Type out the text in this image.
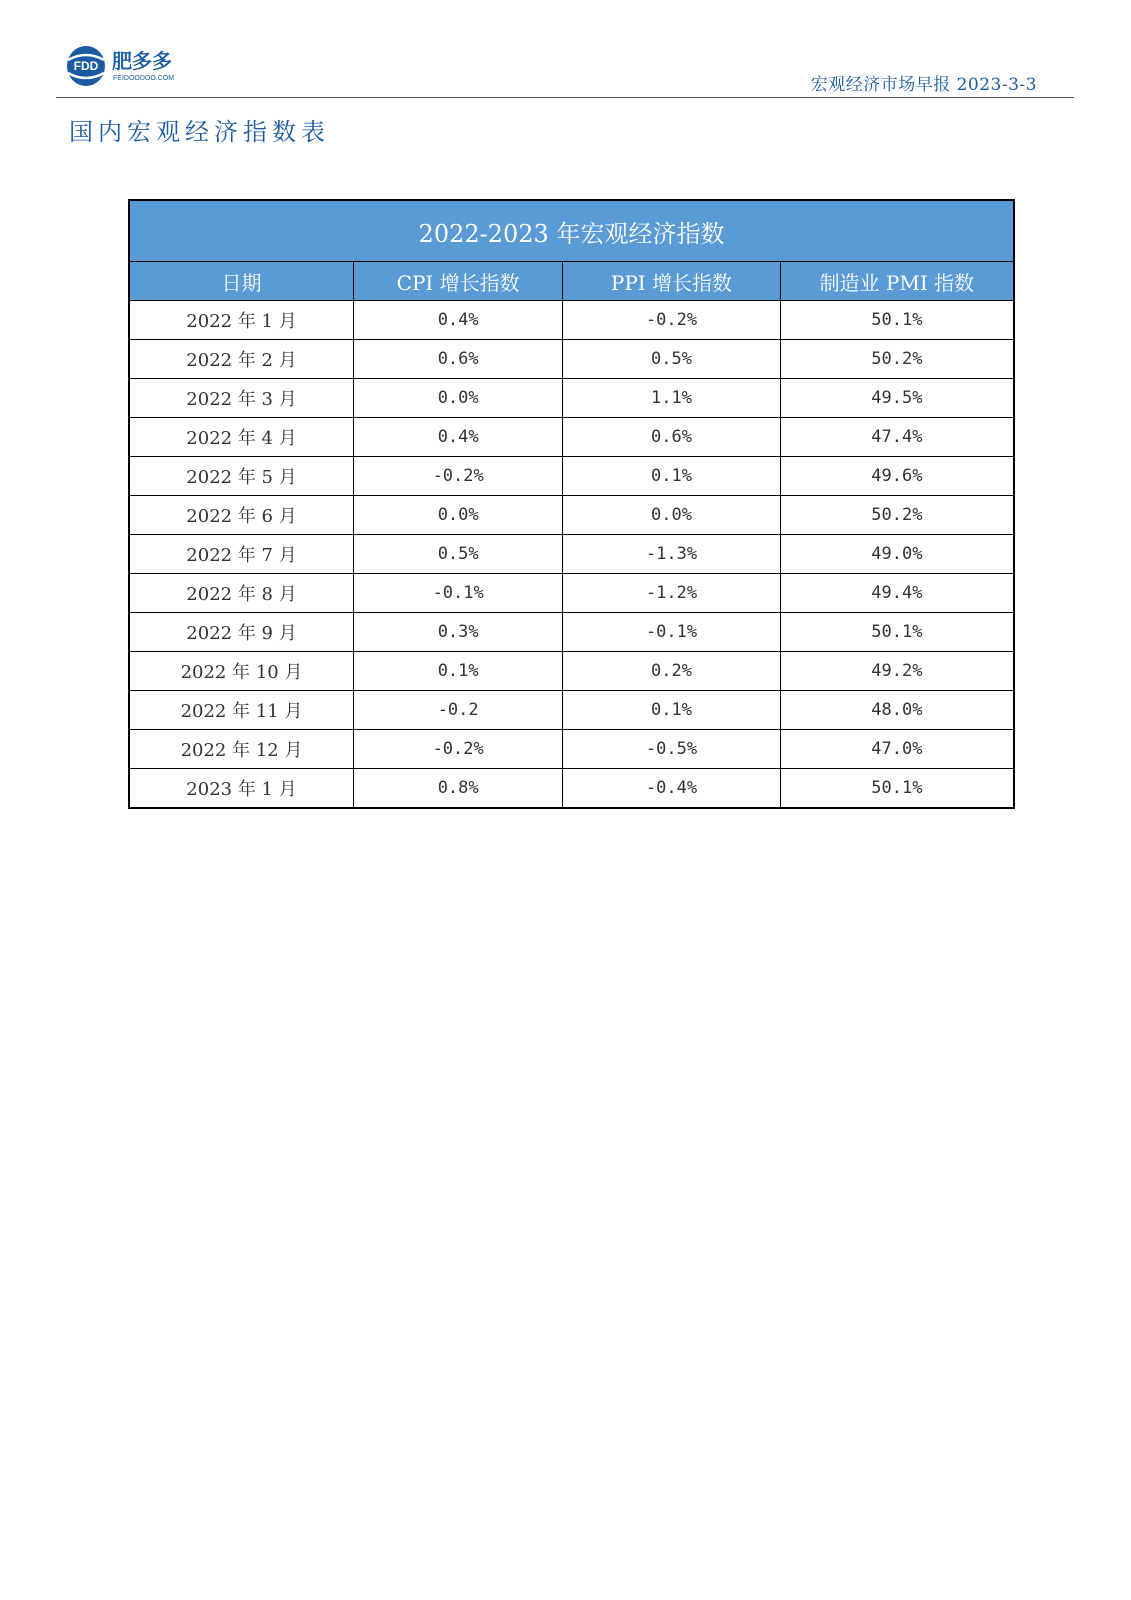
FDD 肥多多
FEIDOODOO.COM	宏观经济市场早报 2023-3-3
国内宏观经济指数表
2022-2023 年宏观经济指数			
日期	CPI 增长指数	PPI 增长指数	制造业 PMI 指数
2022 年 1 月	0.4%	-0.2%	50.1%
2022 年 2 月	0.6%	0.5%	50.2%
2022 年 3 月	0.0%	1.1%	49.5%
2022 年 4 月	0.4%	0.6%	47.4%
2022 年 5 月	-0.2%	0.1%	49.6%
2022 年 6 月	0.0%	0.0%	50.2%
2022 年 7 月	0.5%	-1.3%	49.0%
2022 年 8 月	-0.1%	-1.2%	49.4%
2022 年 9 月	0.3%	-0.1%	50.1%
2022 年 10 月	0.1%	0.2%	49.2%
2022 年 11 月	-0.2	0.1%	48.0%
2022 年 12 月	-0.2%	-0.5%	47.0%
2023 年 1 月	0.8%	-0.4%	50.1%
